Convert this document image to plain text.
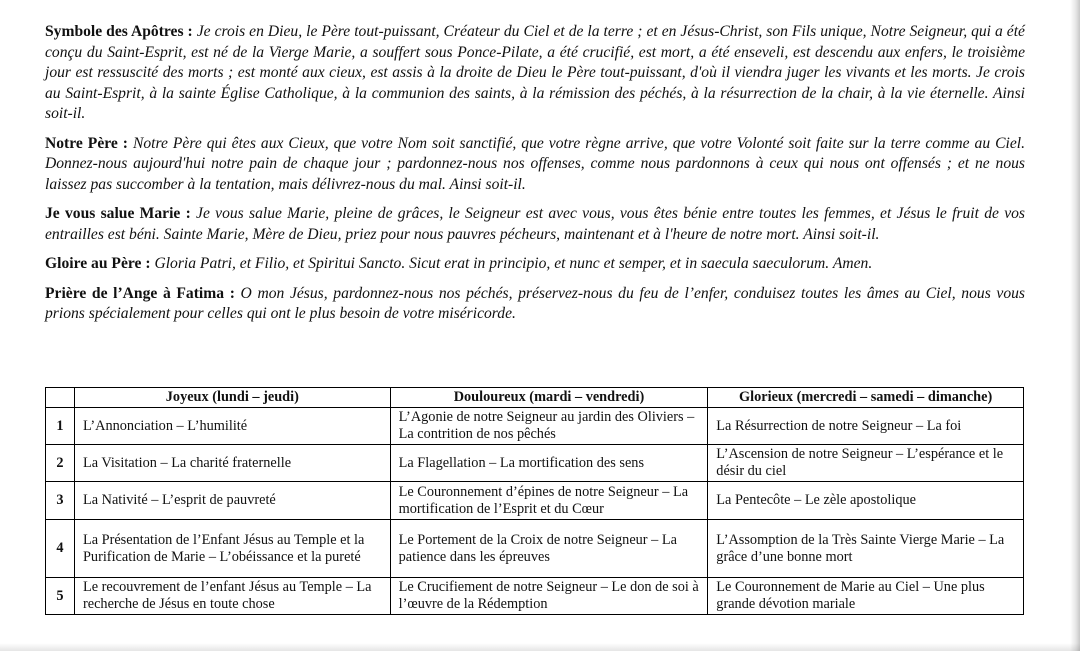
Symbole des Apôtres : Je crois en Dieu, le Père tout-puissant, Créateur du Ciel et de la terre ; et en Jésus-Christ, son Fils unique, Notre Seigneur, qui a été conçu du Saint-Esprit, est né de la Vierge Marie, a souffert sous Ponce-Pilate, a été crucifié, est mort, a été enseveli, est descendu aux enfers, le troisième jour est ressuscité des morts ; est monté aux cieux, est assis à la droite de Dieu le Père tout-puissant, d'où il viendra juger les vivants et les morts. Je crois au Saint-Esprit, à la sainte Église Catholique, à la communion des saints, à la rémission des péchés, à la résurrection de la chair, à la vie éternelle. Ainsi soit-il.

Notre Père : Notre Père qui êtes aux Cieux, que votre Nom soit sanctifié, que votre règne arrive, que votre Volonté soit faite sur la terre comme au Ciel. Donnez-nous aujourd'hui notre pain de chaque jour ; pardonnez-nous nos offenses, comme nous pardonnons à ceux qui nous ont offensés ; et ne nous laissez pas succomber à la tentation, mais délivrez-nous du mal. Ainsi soit-il.

Je vous salue Marie : Je vous salue Marie, pleine de grâces, le Seigneur est avec vous, vous êtes bénie entre toutes les femmes, et Jésus le fruit de vos entrailles est béni. Sainte Marie, Mère de Dieu, priez pour nous pauvres pécheurs, maintenant et à l'heure de notre mort. Ainsi soit-il.

Gloire au Père : Gloria Patri, et Filio, et Spiritui Sancto. Sicut erat in principio, et nunc et semper, et in saecula saeculorum. Amen.

Prière de l’Ange à Fatima : O mon Jésus, pardonnez-nous nos péchés, préservez-nous du feu de l’enfer, conduisez toutes les âmes au Ciel, nous vous prions spécialement pour celles qui ont le plus besoin de votre miséricorde.

	Joyeux (lundi – jeudi)	Douloureux (mardi – vendredi)	Glorieux (mercredi – samedi – dimanche)
1	L’Annonciation – L’humilité	L’Agonie de notre Seigneur au jardin des Oliviers – La contrition de nos pêchés	La Résurrection de notre Seigneur – La foi
2	La Visitation – La charité fraternelle	La Flagellation – La mortification des sens	L’Ascension de notre Seigneur – L’espérance et le désir du ciel
3	La Nativité – L’esprit de pauvreté	Le Couronnement d’épines de notre Seigneur – La mortification de l’Esprit et du Cœur	La Pentecôte – Le zèle apostolique
4	La Présentation de l’Enfant Jésus au Temple et la Purification de Marie – L’obéissance et la pureté	Le Portement de la Croix de notre Seigneur – La patience dans les épreuves	L’Assomption de la Très Sainte Vierge Marie – La grâce d’une bonne mort
5	Le recouvrement de l’enfant Jésus au Temple – La recherche de Jésus en toute chose	Le Crucifiement de notre Seigneur – Le don de soi à l’œuvre de la Rédemption	Le Couronnement de Marie au Ciel – Une plus grande dévotion mariale
